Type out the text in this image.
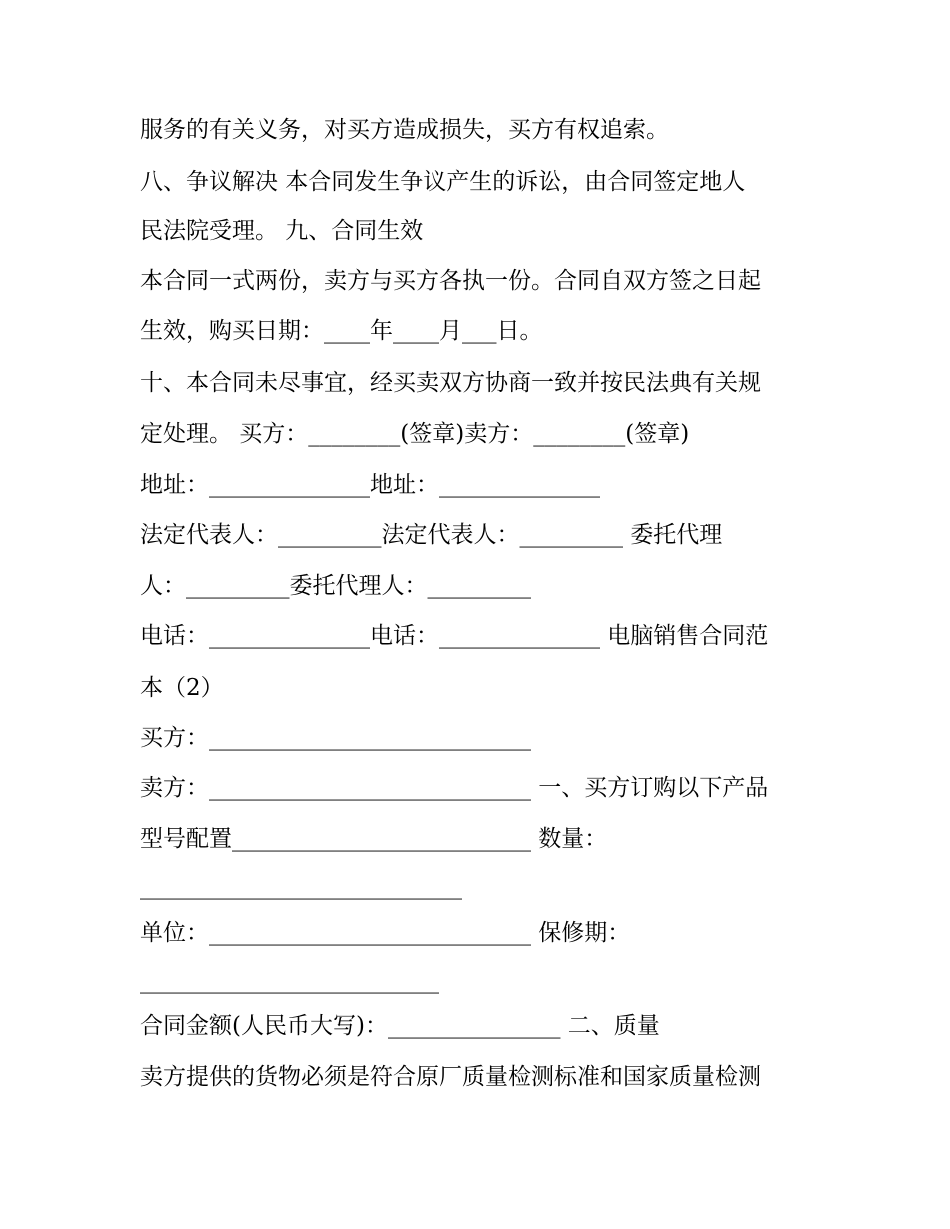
服务的有关义务，对买方造成损失，买方有权追索。
八、争议解决 本合同发生争议产生的诉讼，由合同签定地人
民法院受理。 九、合同生效
本合同一式两份，卖方与买方各执一份。合同自双方签之日起
生效，购买日期：____年____月___日。
十、本合同未尽事宜，经买卖双方协商一致并按民法典有关规
定处理。 买方：________(签章)卖方：________(签章)
地址：______________地址：______________
法定代表人：_________法定代表人：_________ 委托代理
人：_________委托代理人：_________
电话：______________电话：______________ 电脑销售合同范
本（2）
买方：____________________________
卖方：____________________________ 一、买方订购以下产品
型号配置__________________________ 数量：
____________________________
单位：____________________________ 保修期：
__________________________
合同金额(人民币大写)：_______________ 二、质量
卖方提供的货物必须是符合原厂质量检测标准和国家质量检测
